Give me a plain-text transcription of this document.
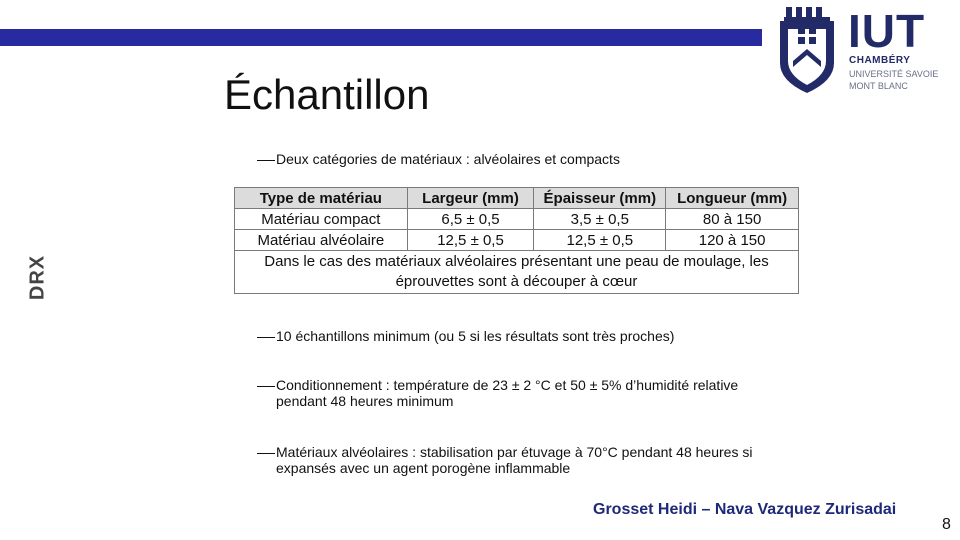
IUT
CHAMBÉRY
UNIVERSITÉ SAVOIE
MONT BLANC
Échantillon
DRX
Deux catégories de matériaux : alvéolaires et compacts
Type de matériau	Largeur (mm)	Épaisseur (mm)	Longueur (mm)
Matériau compact	6,5 ± 0,5	3,5 ± 0,5	80 à 150
Matériau alvéolaire	12,5 ± 0,5	12,5 ± 0,5	120 à 150
Dans le cas des matériaux alvéolaires présentant une peau de moulage, les éprouvettes sont à découper à cœur			
10 échantillons minimum (ou 5 si les résultats sont très proches)
Conditionnement : température de 23 ± 2 °C et 50 ± 5% d’humidité relative
pendant 48 heures minimum
Matériaux alvéolaires : stabilisation par étuvage à 70°C pendant 48 heures si
expansés avec un agent porogène inflammable
Grosset Heidi – Nava Vazquez Zurisadai
8
